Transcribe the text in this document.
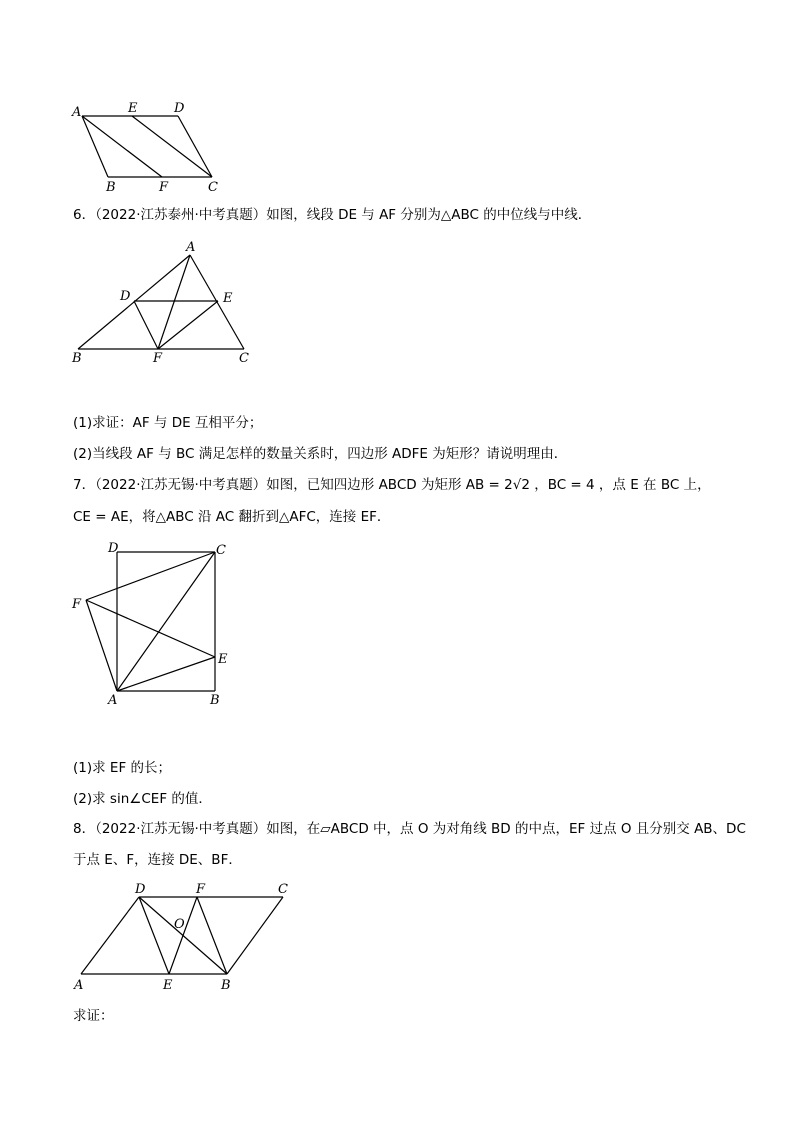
A	E	D
B	F	C
6．（2022·江苏泰州·中考真题）如图，线段 DE 与 AF 分别为△ABC 的中位线与中线．
A
D	E
B	F	C
(1)求证：AF 与 DE 互相平分；
(2)当线段 AF 与 BC 满足怎样的数量关系时，四边形 ADFE 为矩形？请说明理由．
7．（2022·江苏无锡·中考真题）如图，已知四边形 ABCD 为矩形 AB = 2√2 ，BC = 4 ，点 E 在 BC 上，
CE = AE，将△ABC 沿 AC 翻折到△AFC，连接 EF．
D	C
F
E
A	B
(1)求 EF 的长；
(2)求 sin∠CEF 的值．
8．（2022·江苏无锡·中考真题）如图，在▱ABCD 中，点 O 为对角线 BD 的中点，EF 过点 O 且分别交 AB、DC
于点 E、F，连接 DE、BF．
D	F	C
O
A	E	B
求证：
